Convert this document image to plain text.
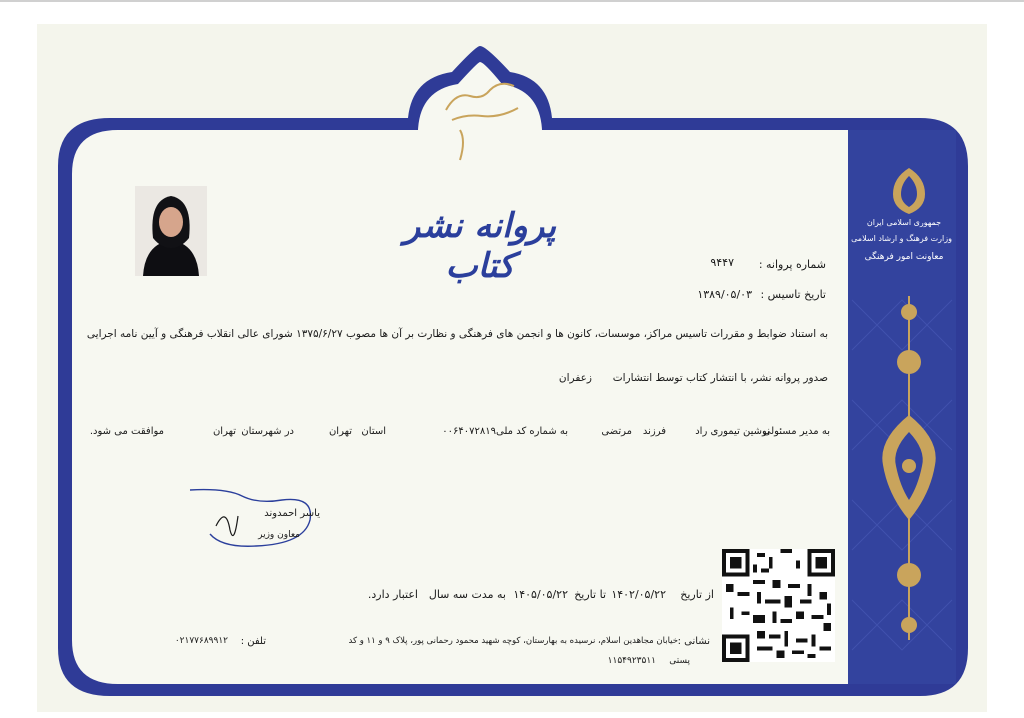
جمهوری اسلامی ایران
وزارت فرهنگ و ارشاد اسلامی
معاونت امور فرهنگی
پروانه نشر کتاب	شماره پروانه :
۹۴۴۷
تاریخ تاسیس :
۱۳۸۹/۰۵/۰۳
به استناد ضوابط و مقررات تاسیس مراکز، موسسات، کانون ها و انجمن های فرهنگی و نظارت بر آن ها مصوب ۱۳۷۵/۶/۲۷ شورای عالی انقلاب فرهنگی و آیین نامه اجرایی
صدور پروانه نشر، با انتشار کتاب توسط انتشارات
زعفران
به مدیر مسئولی
نوشین تیموری راد
فرزند
مرتضی
به شماره کد ملی
۰۰۶۴۰۷۲۸۱۹
استان
تهران
در شهرستان
تهران
موافقت می شود.
یاسر احمدوند
معاون وزیر
از تاریخ
۱۴۰۲/۰۵/۲۲
تا تاریخ
۱۴۰۵/۰۵/۲۲
به مدت
سه سال
اعتبار دارد.
نشانی :
خیابان مجاهدین اسلام، نرسیده به بهارستان، کوچه شهید محمود رحمانی پور، پلاک ۹ و ۱۱ و کد
پستی
۱۱۵۴۹۲۳۵۱۱
تلفن :
۰۲۱۷۷۶۸۹۹۱۲
